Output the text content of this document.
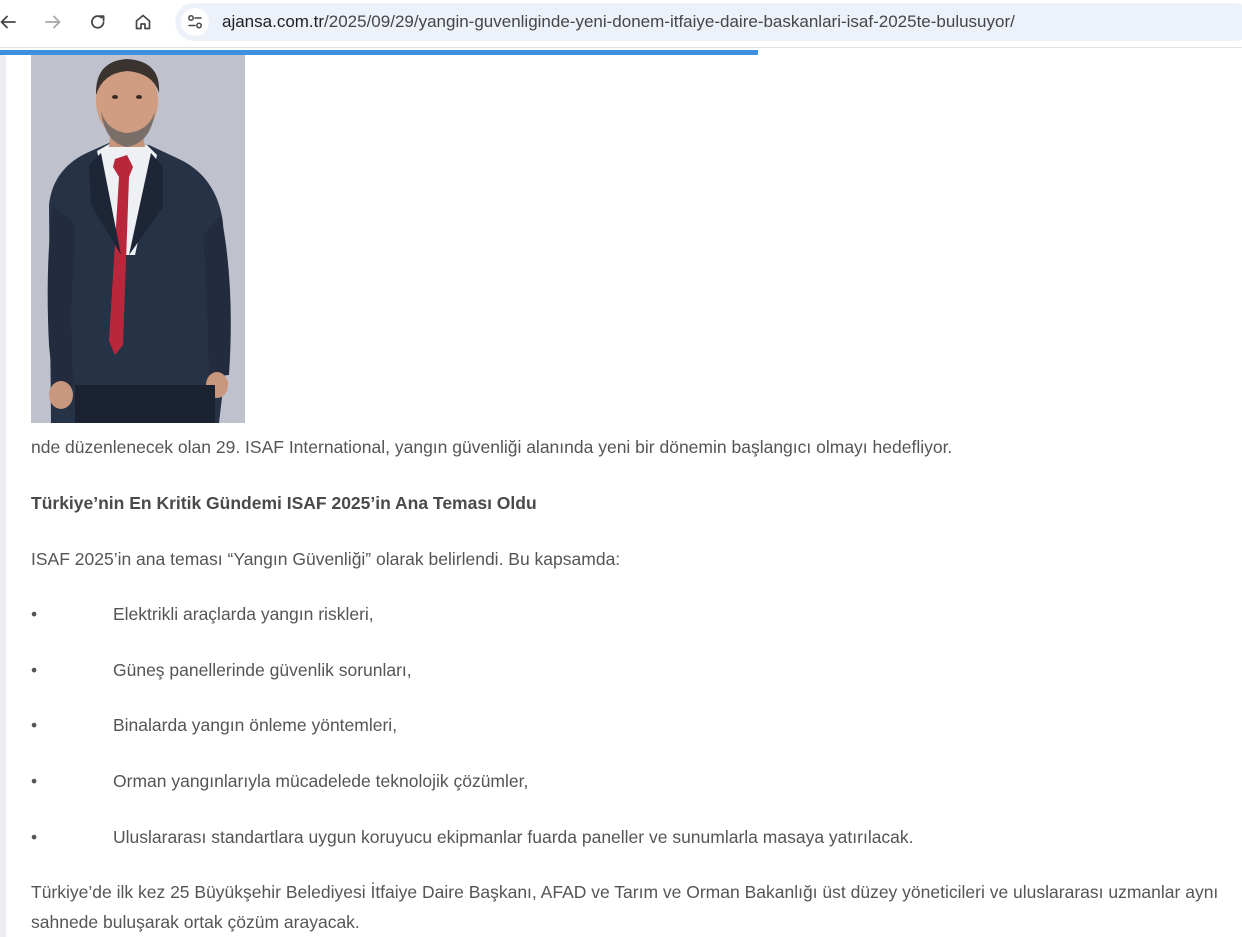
ajansa.com.tr/2025/09/29/yangin-guvenliginde-yeni-donem-itfaiye-daire-baskanlari-isaf-2025te-bulusuyor/
nde düzenlenecek olan 29. ISAF International, yangın güvenliği alanında yeni bir dönemin başlangıcı olmayı hedefliyor.
Türkiye’nin En Kritik Gündemi ISAF 2025’in Ana Teması Oldu
ISAF 2025’in ana teması “Yangın Güvenliği” olarak belirlendi. Bu kapsamda:
•	Elektrikli araçlarda yangın riskleri,
•	Güneş panellerinde güvenlik sorunları,
•	Binalarda yangın önleme yöntemleri,
•	Orman yangınlarıyla mücadelede teknolojik çözümler,
•	Uluslararası standartlara uygun koruyucu ekipmanlar fuarda paneller ve sunumlarla masaya yatırılacak.
Türkiye’de ilk kez 25 Büyükşehir Belediyesi İtfaiye Daire Başkanı, AFAD ve Tarım ve Orman Bakanlığı üst düzey yöneticileri ve uluslararası uzmanlar aynı sahnede buluşarak ortak çözüm arayacak.
